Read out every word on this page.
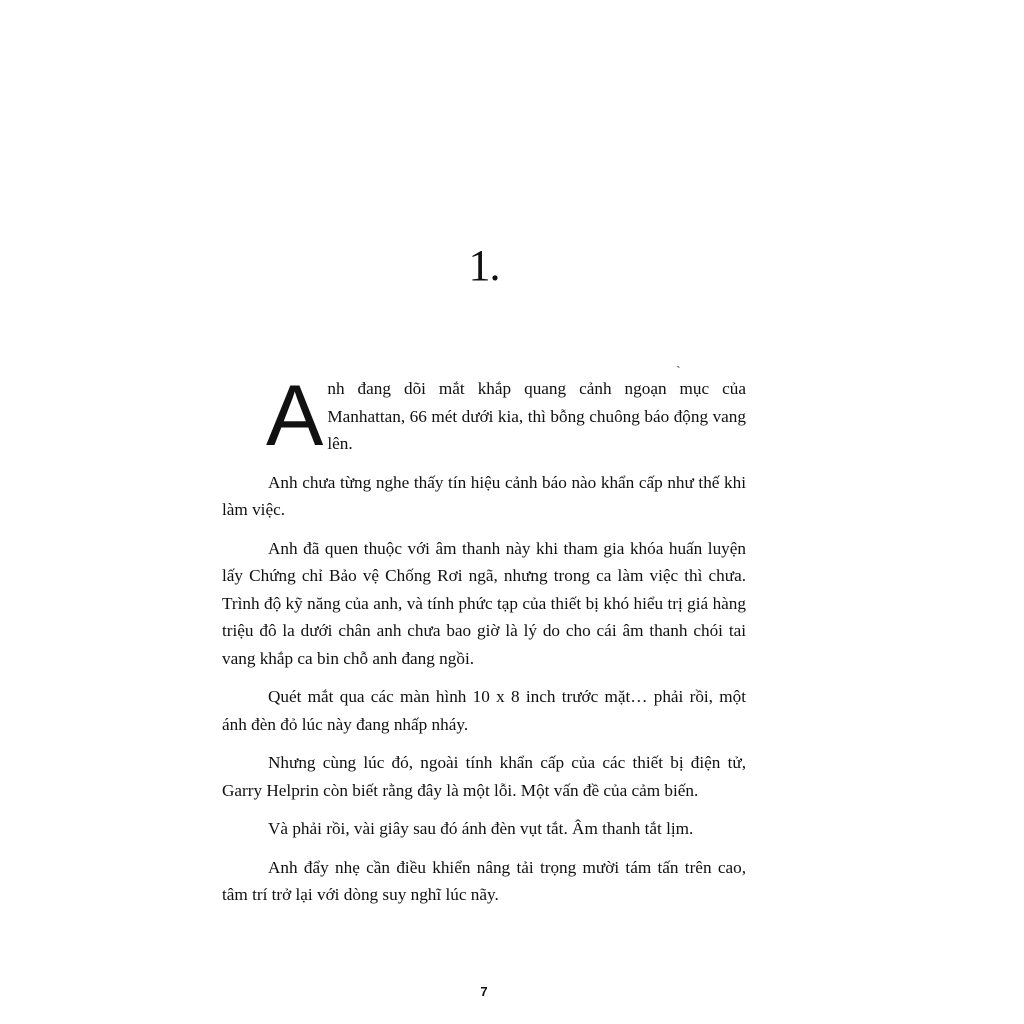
1.
ˏ

Anh đang dõi mắt khắp quang cảnh ngoạn mục của Manhattan, 66 mét dưới kia, thì bỗng chuông báo động vang lên.

Anh chưa từng nghe thấy tín hiệu cảnh báo nào khẩn cấp như thế khi làm việc.

Anh đã quen thuộc với âm thanh này khi tham gia khóa huấn luyện lấy Chứng chỉ Bảo vệ Chống Rơi ngã, nhưng trong ca làm việc thì chưa. Trình độ kỹ năng của anh, và tính phức tạp của thiết bị khó hiểu trị giá hàng triệu đô la dưới chân anh chưa bao giờ là lý do cho cái âm thanh chói tai vang khắp ca bin chỗ anh đang ngồi.

Quét mắt qua các màn hình 10 x 8 inch trước mặt… phải rồi, một ánh đèn đỏ lúc này đang nhấp nháy.

Nhưng cùng lúc đó, ngoài tính khẩn cấp của các thiết bị điện tử, Garry Helprin còn biết rằng đây là một lỗi. Một vấn đề của cảm biến.

Và phải rồi, vài giây sau đó ánh đèn vụt tắt. Âm thanh tắt lịm.

Anh đẩy nhẹ cần điều khiển nâng tải trọng mười tám tấn trên cao, tâm trí trở lại với dòng suy nghĩ lúc nãy.

7
